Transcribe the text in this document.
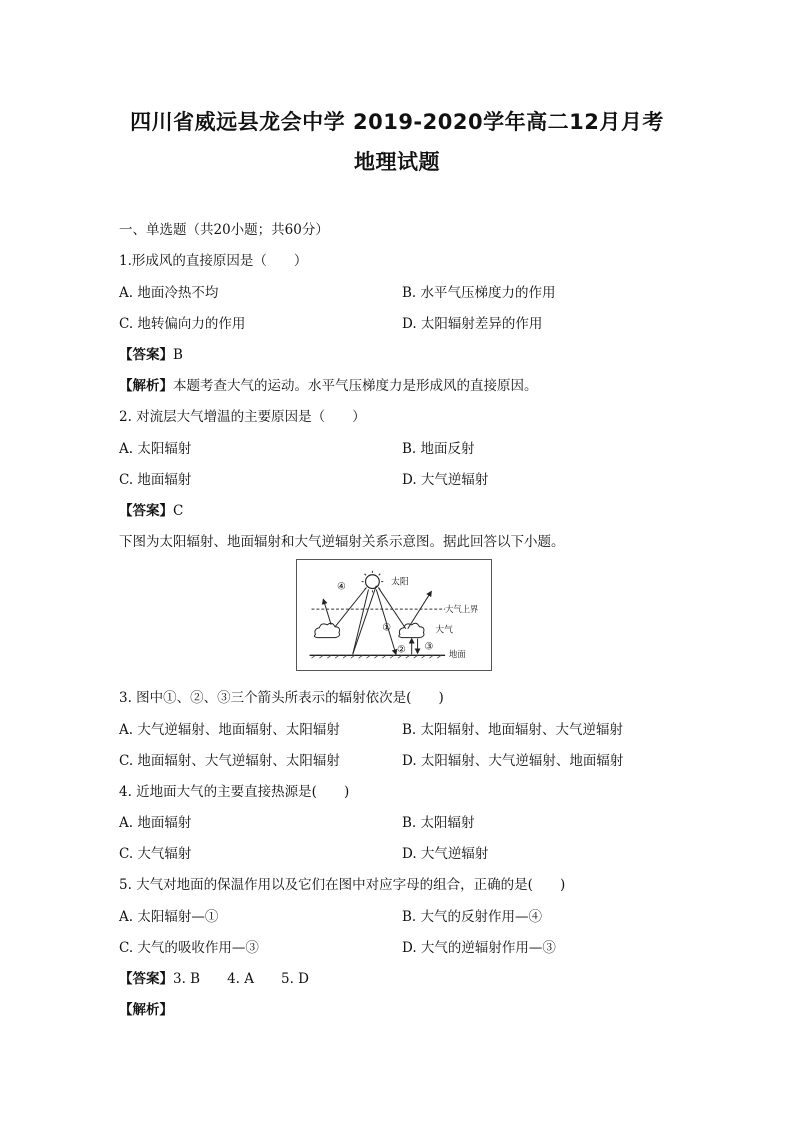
四川省威远县龙会中学 2019-2020学年高二12月月考
地理试题
一、单选题（共20小题；共60分）
1.形成风的直接原因是（　　）
A. 地面冷热不均	B. 水平气压梯度力的作用
C. 地转偏向力的作用	D. 太阳辐射差异的作用
【答案】B
【解析】本题考查大气的运动。水平气压梯度力是形成风的直接原因。
2. 对流层大气增温的主要原因是（　　）
A. 太阳辐射	B. 地面反射
C. 地面辐射	D. 大气逆辐射
【答案】C
下图为太阳辐射、地面辐射和大气逆辐射关系示意图。据此回答以下小题。
太阳
大气上界
大气
地面
④
①
② ③
3. 图中①、②、③三个箭头所表示的辐射依次是(　　)
A. 大气逆辐射、地面辐射、太阳辐射	B. 太阳辐射、地面辐射、大气逆辐射
C. 地面辐射、大气逆辐射、太阳辐射	D. 太阳辐射、大气逆辐射、地面辐射
4. 近地面大气的主要直接热源是(　　)
A. 地面辐射	B. 太阳辐射
C. 大气辐射	D. 大气逆辐射
5. 大气对地面的保温作用以及它们在图中对应字母的组合，正确的是(　　)
A. 太阳辐射—①	B. 大气的反射作用—④
C. 大气的吸收作用—③	D. 大气的逆辐射作用—③
【答案】3. B　　4. A　　5. D
【解析】
